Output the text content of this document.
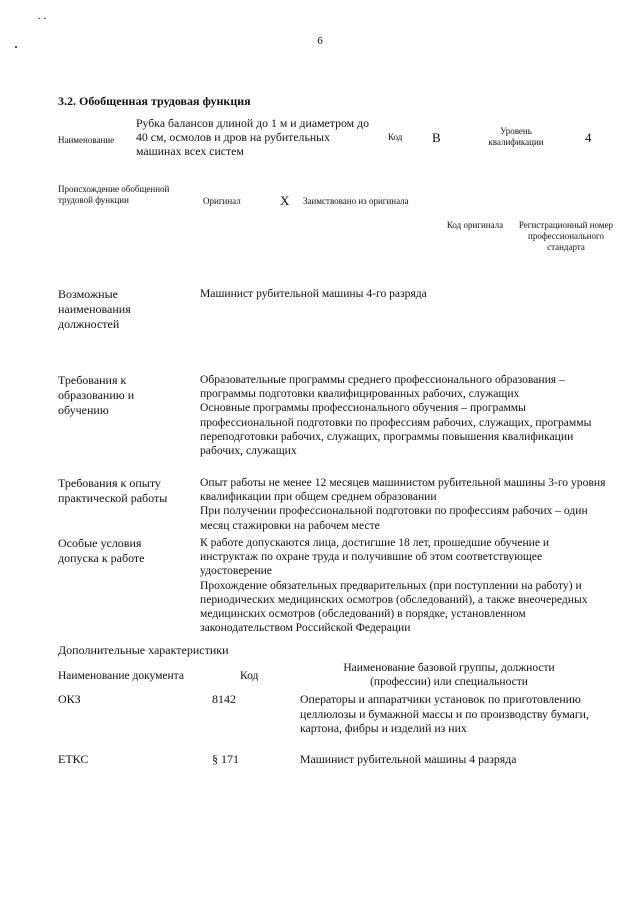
6
3.2. Обобщенная трудовая функция
Наименование
Рубка балансов длиной до 1 м и диаметром до 40 см, осмолов и дров на рубительных машинах всех систем
Код В	Уровень квалификации	4
Происхождение обобщенной трудовой функции	Оригинал	X Заимствовано из оригинала
Код оригинала	Регистрационный номер профессионального стандарта
Возможные наименования должностей
Машинист рубительной машины 4-го разряда
Требования к образованию и обучению
Образовательные программы среднего профессионального образования – программы подготовки квалифицированных рабочих, служащих
Основные программы профессионального обучения – программы профессиональной подготовки по профессиям рабочих, служащих, программы переподготовки рабочих, служащих, программы повышения квалификации рабочих, служащих
Требования к опыту практической работы
Опыт работы не менее 12 месяцев машинистом рубительной машины 3-го уровня квалификации при общем среднем образовании
При получении профессиональной подготовки по профессиям рабочих – один месяц стажировки на рабочем месте
Особые условия допуска к работе
К работе допускаются лица, достигшие 18 лет, прошедшие обучение и инструктаж по охране труда и получившие об этом соответствующее удостоверение
Прохождение обязательных предварительных (при поступлении на работу) и периодических медицинских осмотров (обследований), а также внеочередных медицинских осмотров (обследований) в порядке, установленном законодательством Российской Федерации
Дополнительные характеристики
Наименование документа	Код
Наименование базовой группы, должности (профессии) или специальности
ОКЗ	8142	Операторы и аппаратчики установок по приготовлению целлюлозы и бумажной массы и по производству бумаги, картона, фибры и изделий из них
ЕТКС	§ 171	Машинист рубительной машины 4 разряда
